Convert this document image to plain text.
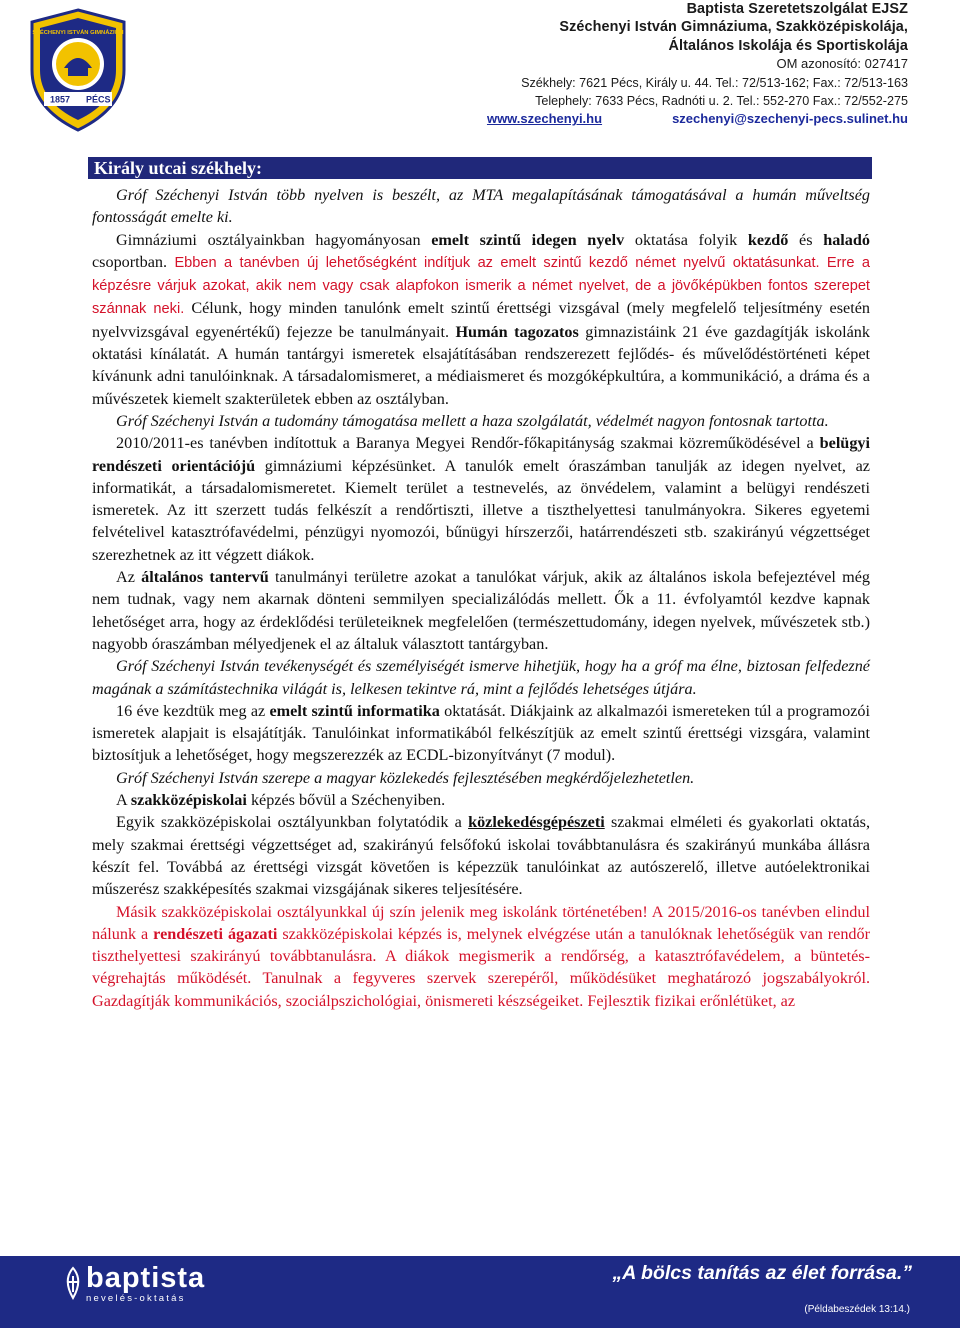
1857 PÉCS
SZÉCHENYI ISTVÁN GIMNÁZIUM
Baptista Szeretetszolgálat EJSZ
Széchenyi István Gimnáziuma, Szakközépiskolája,
Általános Iskolája és Sportiskolája
OM azonosító: 027417
Székhely: 7621 Pécs, Király u. 44. Tel.: 72/513-162; Fax.: 72/513-163
Telephely: 7633 Pécs, Radnóti u. 2. Tel.: 552-270 Fax.: 72/552-275
www.szechenyi.hu	szechenyi@szechenyi-pecs.sulinet.hu
Király utcai székhely:

Gróf Széchenyi István több nyelven is beszélt, az MTA megalapításának támogatásával a humán műveltség fontosságát emelte ki.

Gimnáziumi osztályainkban hagyományosan emelt szintű idegen nyelv oktatása folyik kezdő és haladó csoportban. Ebben a tanévben új lehetőségként indítjuk az emelt szintű kezdő német nyelvű oktatásunkat. Erre a képzésre várjuk azokat, akik nem vagy csak alapfokon ismerik a német nyelvet, de a jövőképükben fontos szerepet szánnak neki. Célunk, hogy minden tanulónk emelt szintű érettségi vizsgával (mely megfelelő teljesítmény esetén nyelvvizsgával egyenértékű) fejezze be tanulmányait. Humán tagozatos gimnazistáink 21 éve gazdagítják iskolánk oktatási kínálatát. A humán tantárgyi ismeretek elsajátításában rendszerezett fejlődés- és művelődéstörténeti képet kívánunk adni tanulóinknak. A társadalomismeret, a médiaismeret és mozgóképkultúra, a kommunikáció, a dráma és a művészetek kiemelt szakterületek ebben az osztályban.

Gróf Széchenyi István a tudomány támogatása mellett a haza szolgálatát, védelmét nagyon fontosnak tartotta.

2010/2011-es tanévben indítottuk a Baranya Megyei Rendőr-főkapitányság szakmai közreműködésével a belügyi rendészeti orientációjú gimnáziumi képzésünket. A tanulók emelt óraszámban tanulják az idegen nyelvet, az informatikát, a társadalomismeretet. Kiemelt terület a testnevelés, az önvédelem, valamint a belügyi rendészeti ismeretek. Az itt szerzett tudás felkészít a rendőrtiszti, illetve a tiszthelyettesi tanulmányokra. Sikeres egyetemi felvételivel katasztrófavédelmi, pénzügyi nyomozói, bűnügyi hírszerzői, határrendészeti stb. szakirányú végzettséget szerezhetnek az itt végzett diákok.

Az általános tantervű tanulmányi területre azokat a tanulókat várjuk, akik az általános iskola befejeztével még nem tudnak, vagy nem akarnak dönteni semmilyen specializálódás mellett. Ők a 11. évfolyamtól kezdve kapnak lehetőséget arra, hogy az érdeklődési területeiknek megfelelően (természettudomány, idegen nyelvek, művészetek stb.) nagyobb óraszámban mélyedjenek el az általuk választott tantárgyban.

Gróf Széchenyi István tevékenységét és személyiségét ismerve hihetjük, hogy ha a gróf ma élne, biztosan felfedezné magának a számítástechnika világát is, lelkesen tekintve rá, mint a fejlődés lehetséges útjára.

16 éve kezdtük meg az emelt szintű informatika oktatását. Diákjaink az alkalmazói ismereteken túl a programozói ismeretek alapjait is elsajátítják. Tanulóinkat informatikából felkészítjük az emelt szintű érettségi vizsgára, valamint biztosítjuk a lehetőséget, hogy megszerezzék az ECDL-bizonyítványt (7 modul).

Gróf Széchenyi István szerepe a magyar közlekedés fejlesztésében megkérdőjelezhetetlen.

A szakközépiskolai képzés bővül a Széchenyiben.

Egyik szakközépiskolai osztályunkban folytatódik a közlekedésgépészeti szakmai elméleti és gyakorlati oktatás, mely szakmai érettségi végzettséget ad, szakirányú felsőfokú iskolai továbbtanulásra és szakirányú munkába állásra készít fel. Továbbá az érettségi vizsgát követően is képezzük tanulóinkat az autószerelő, illetve autóelektronikai műszerész szakképesítés szakmai vizsgájának sikeres teljesítésére.

Másik szakközépiskolai osztályunkkal új szín jelenik meg iskolánk történetében! A 2015/2016-os tanévben elindul nálunk a rendészeti ágazati szakközépiskolai képzés is, melynek elvégzése után a tanulóknak lehetőségük van rendőr tiszthelyettesi szakirányú továbbtanulásra. A diákok megismerik a rendőrség, a katasztrófavédelem, a büntetés-végrehajtás működését. Tanulnak a fegyveres szervek szerepéről, működésüket meghatározó jogszabályokról. Gazdagítják kommunikációs, szociálpszichológiai, önismereti készségeiket. Fejlesztik fizikai erőnlétüket, az

baptista
nevelés-oktatás
„A bölcs tanítás az élet forrása.”
(Példabeszédek 13:14.)
